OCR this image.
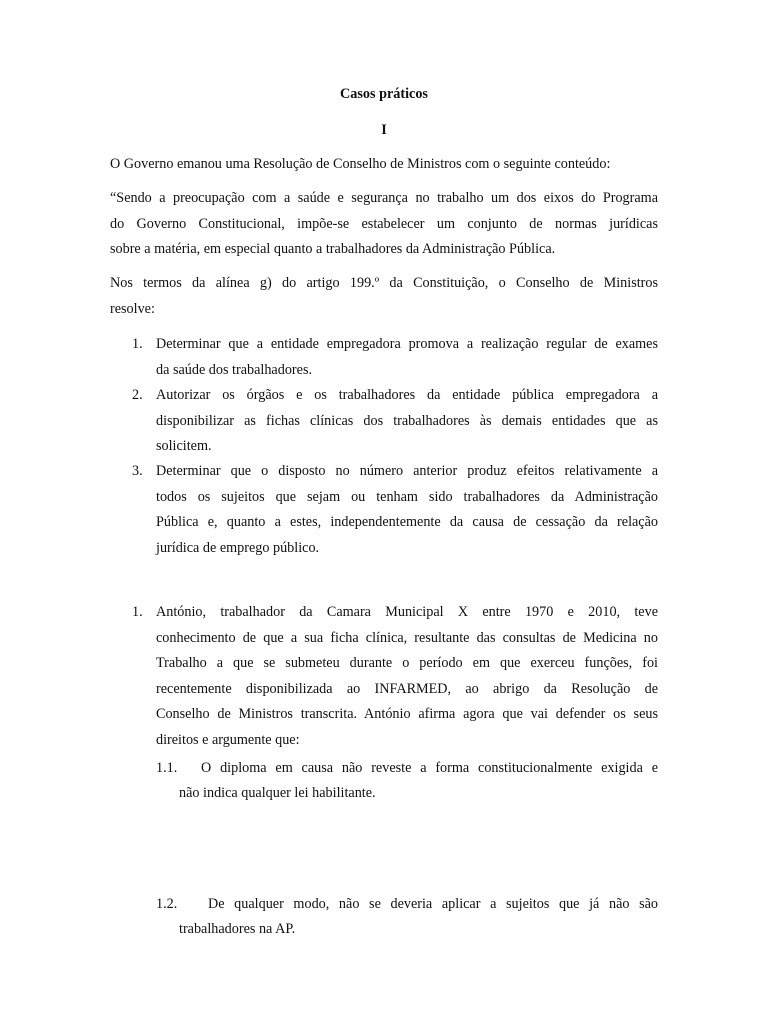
Casos práticos
I
O Governo emanou uma Resolução de Conselho de Ministros com o seguinte conteúdo:
“Sendo a preocupação com a saúde e segurança no trabalho um dos eixos do Programa
do Governo Constitucional, impõe-se estabelecer um conjunto de normas jurídicas
sobre a matéria, em especial quanto a trabalhadores da Administração Pública.
Nos termos da alínea g) do artigo 199.º da Constituição, o Conselho de Ministros
resolve:
1. Determinar que a entidade empregadora promova a realização regular de exames
da saúde dos trabalhadores.
2. Autorizar os órgãos e os trabalhadores da entidade pública empregadora a
disponibilizar as fichas clínicas dos trabalhadores às demais entidades que as
solicitem.
3. Determinar que o disposto no número anterior produz efeitos relativamente a
todos os sujeitos que sejam ou tenham sido trabalhadores da Administração
Pública e, quanto a estes, independentemente da causa de cessação da relação
jurídica de emprego público.
1. António, trabalhador da Camara Municipal X entre 1970 e 2010, teve
conhecimento de que a sua ficha clínica, resultante das consultas de Medicina no
Trabalho a que se submeteu durante o período em que exerceu funções, foi
recentemente disponibilizada ao INFARMED, ao abrigo da Resolução de
Conselho de Ministros transcrita. António afirma agora que vai defender os seus
direitos e argumente que:
1.1. O diploma em causa não reveste a forma constitucionalmente exigida e
não indica qualquer lei habilitante.
1.2. De qualquer modo, não se deveria aplicar a sujeitos que já não são
trabalhadores na AP.
